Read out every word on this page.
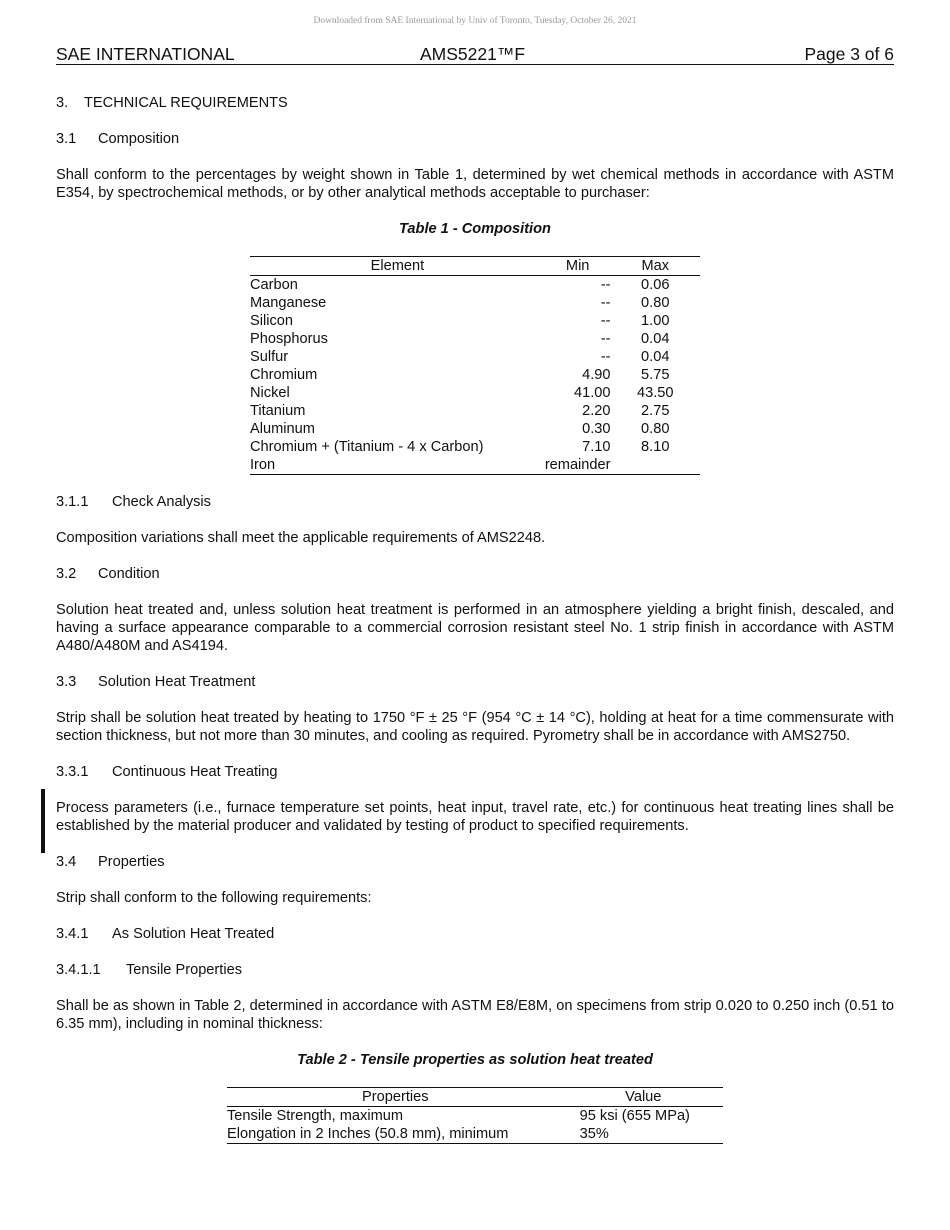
Downloaded from SAE International by Univ of Toronto, Tuesday, October 26, 2021
SAE INTERNATIONAL	AMS5221™F	Page 3 of 6
3.	TECHNICAL REQUIREMENTS
3.1	Composition

Shall conform to the percentages by weight shown in Table 1, determined by wet chemical methods in accordance with ASTM E354, by spectrochemical methods, or by other analytical methods acceptable to purchaser:

Table 1 - Composition
Element	Min	Max
Carbon	--	0.06
Manganese	--	0.80
Silicon	--	1.00
Phosphorus	--	0.04
Sulfur	--	0.04
Chromium	4.90	5.75
Nickel	41.00	43.50
Titanium	2.20	2.75
Aluminum	0.30	0.80
Chromium + (Titanium - 4 x Carbon)	7.10	8.10
Iron	remainder	
3.1.1	Check Analysis

Composition variations shall meet the applicable requirements of AMS2248.

3.2	Condition

Solution heat treated and, unless solution heat treatment is performed in an atmosphere yielding a bright finish, descaled, and having a surface appearance comparable to a commercial corrosion resistant steel No. 1 strip finish in accordance with ASTM A480/A480M and AS4194.

3.3	Solution Heat Treatment

Strip shall be solution heat treated by heating to 1750 °F ± 25 °F (954 °C ± 14 °C), holding at heat for a time commensurate with section thickness, but not more than 30 minutes, and cooling as required. Pyrometry shall be in accordance with AMS2750.

3.3.1	Continuous Heat Treating

Process parameters (i.e., furnace temperature set points, heat input, travel rate, etc.) for continuous heat treating lines shall be established by the material producer and validated by testing of product to specified requirements.

3.4	Properties

Strip shall conform to the following requirements:

3.4.1	As Solution Heat Treated
3.4.1.1	Tensile Properties

Shall be as shown in Table 2, determined in accordance with ASTM E8/E8M, on specimens from strip 0.020 to 0.250 inch (0.51 to 6.35 mm), including in nominal thickness:

Table 2 - Tensile properties as solution heat treated
Properties	Value
Tensile Strength, maximum	95 ksi (655 MPa)
Elongation in 2 Inches (50.8 mm), minimum	35%
